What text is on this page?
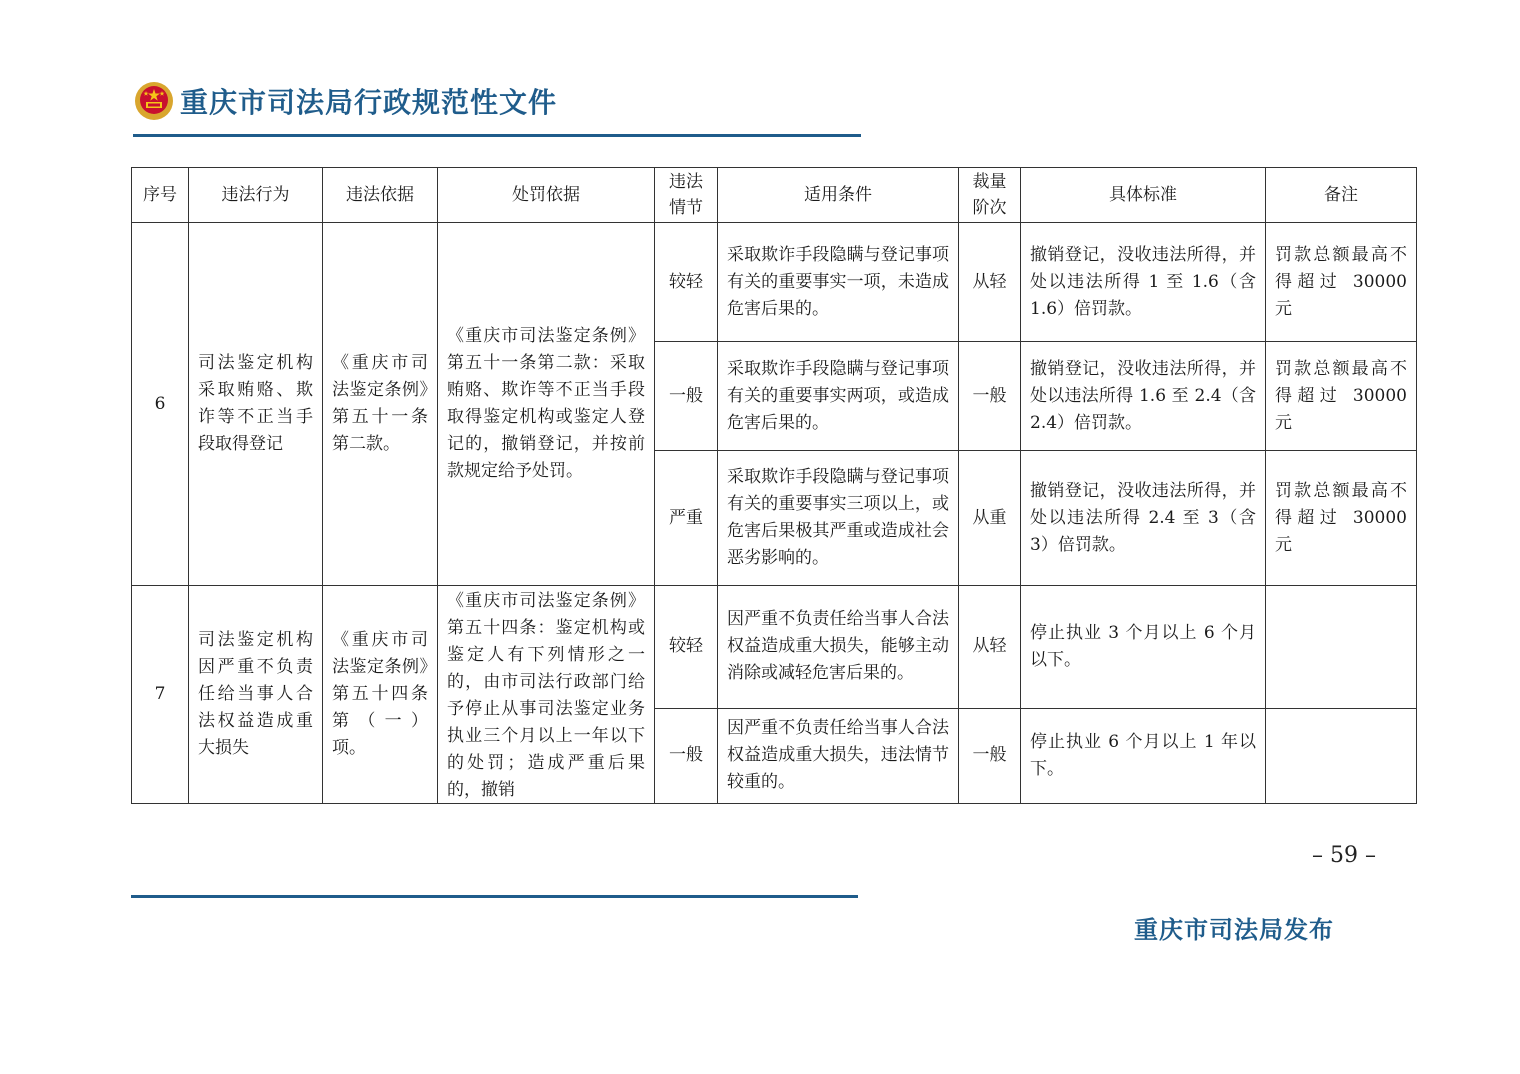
重庆市司法局行政规范性文件
序号	违法行为	违法依据	处罚依据	违法情节	适用条件	裁量阶次	具体标准	备注
6	司法鉴定机构采取贿赂、欺诈等不正当手段取得登记	《重庆市司法鉴定条例》第五十一条第二款。	《重庆市司法鉴定条例》第五十一条第二款：采取贿赂、欺诈等不正当手段取得鉴定机构或鉴定人登记的，撤销登记，并按前款规定给予处罚。	较轻	采取欺诈手段隐瞒与登记事项有关的重要事实一项，未造成危害后果的。	从轻	撤销登记，没收违法所得，并处以违法所得 1 至 1.6（含 1.6）倍罚款。	罚款总额最高不得超过 30000 元
				一般	采取欺诈手段隐瞒与登记事项有关的重要事实两项，或造成危害后果的。	一般	撤销登记，没收违法所得，并处以违法所得 1.6 至 2.4（含 2.4）倍罚款。	罚款总额最高不得超过 30000 元
				严重	采取欺诈手段隐瞒与登记事项有关的重要事实三项以上，或危害后果极其严重或造成社会恶劣影响的。	从重	撤销登记，没收违法所得，并处以违法所得 2.4 至 3（含 3）倍罚款。	罚款总额最高不得超过 30000 元
7	司法鉴定机构因严重不负责任给当事人合法权益造成重大损失	《重庆市司法鉴定条例》第五十四条第（一）项。	《重庆市司法鉴定条例》第五十四条：鉴定机构或鉴定人有下列情形之一的，由市司法行政部门给予停止从事司法鉴定业务执业三个月以上一年以下的处罚；造成严重后果的，撤销	较轻	因严重不负责任给当事人合法权益造成重大损失，能够主动消除或减轻危害后果的。	从轻	停止执业 3 个月以上 6 个月以下。	
				一般	因严重不负责任给当事人合法权益造成重大损失，违法情节较重的。	一般	停止执业 6 个月以上 1 年以下。	
– 59 –
重庆市司法局发布
